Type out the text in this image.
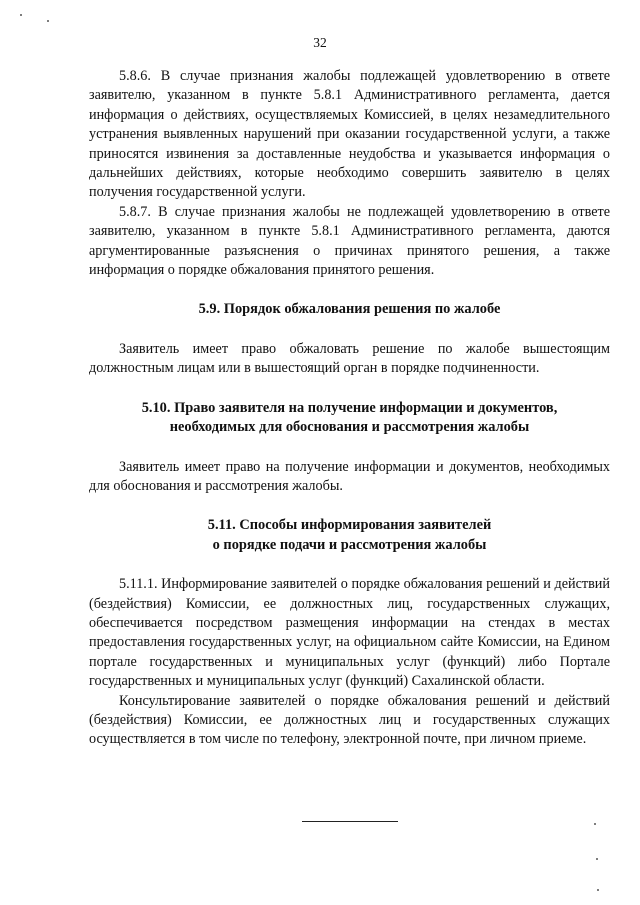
32

5.8.6. В случае признания жалобы подлежащей удовлетворению в ответе заявителю, указанном в пункте 5.8.1 Административного регламента, дается информация о действиях, осуществляемых Комиссией, в целях незамедлительного устранения выявленных нарушений при оказании государственной услуги, а также приносятся извинения за доставленные неудобства и указывается информация о дальнейших действиях, которые необходимо совершить заявителю в целях получения государственной услуги.

5.8.7. В случае признания жалобы не подлежащей удовлетворению в ответе заявителю, указанном в пункте 5.8.1 Административного регламента, даются аргументированные разъяснения о причинах принятого решения, а также информация о порядке обжалования принятого решения.

5.9. Порядок обжалования решения по жалобе

Заявитель имеет право обжаловать решение по жалобе вышестоящим должностным лицам или в вышестоящий орган в порядке подчиненности.

5.10. Право заявителя на получение информации и документов,
необходимых для обоснования и рассмотрения жалобы

Заявитель имеет право на получение информации и документов, необходимых для обоснования и рассмотрения жалобы.

5.11. Способы информирования заявителей
о порядке подачи и рассмотрения жалобы

5.11.1. Информирование заявителей о порядке обжалования решений и действий (бездействия) Комиссии, ее должностных лиц, государственных служащих, обеспечивается посредством размещения информации на стендах в местах предоставления государственных услуг, на официальном сайте Комиссии, на Едином портале государственных и муниципальных услуг (функций) либо Портале государственных и муниципальных услуг (функций) Сахалинской области.

Консультирование заявителей о порядке обжалования решений и действий (бездействия) Комиссии, ее должностных лиц и государственных служащих осуществляется в том числе по телефону, электронной почте, при личном приеме.
